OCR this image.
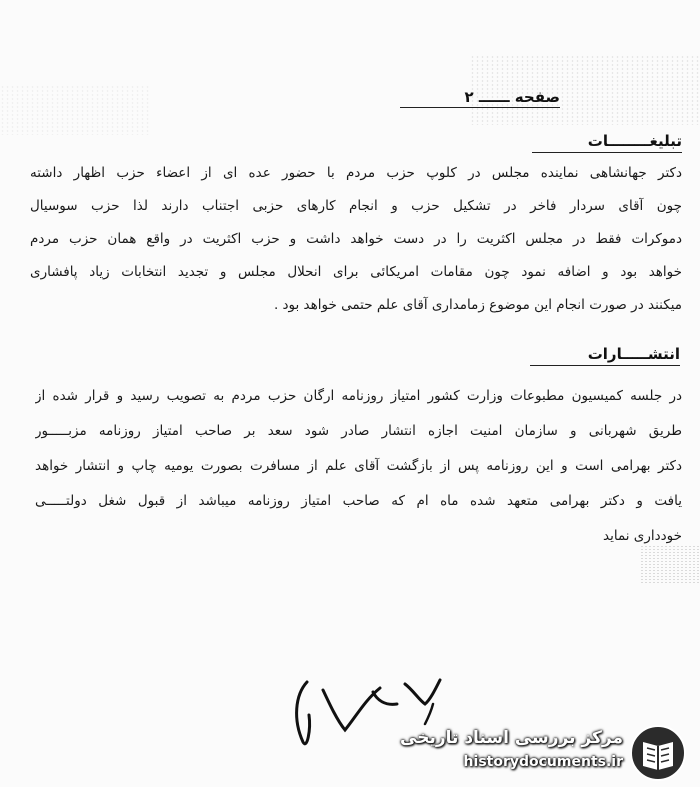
صفحه ــــــ ۲
تبلیغــــــــات
دکتر جهانشاهی نماینده مجلس در کلوپ حزب مردم با حضور عده ای از اعضاء حزب اظهار داشته
چون آقای سردار فاخر در تشکیل حزب و انجام کارهای حزبی اجتناب دارند لذا حزب سوسیال
دموکرات فقط در مجلس اکثریت را در دست خواهد داشت و حزب اکثریت در واقع همان حزب مردم
خواهد بود و اضافه نمود چون مقامات امریکائی برای انحلال مجلس و تجدید انتخابات زیاد پافشاری
میکنند در صورت انجام این موضوع زمامداری آقای علم حتمی خواهد بود .
انتشـــــارات
در جلسه کمیسیون مطبوعات وزارت کشور امتیاز روزنامه ارگان حزب مردم به تصویب رسید و قرار شده از
طریق شهربانی و سازمان امنیت اجازه انتشار صادر شود سعد بر صاحب امتیاز روزنامه مزبـــــور
دکتر بهرامی است و این روزنامه پس از بازگشت آقای علم از مسافرت بصورت یومیه چاپ و انتشار خواهد
یافت و دکتر بهرامی متعهد شده ماه ام که صاحب امتیاز روزنامه میباشد از قبول شغل دولتـــــی
خودداری نماید
مرکز بررسی اسناد تاریخی
historydocuments.ir
